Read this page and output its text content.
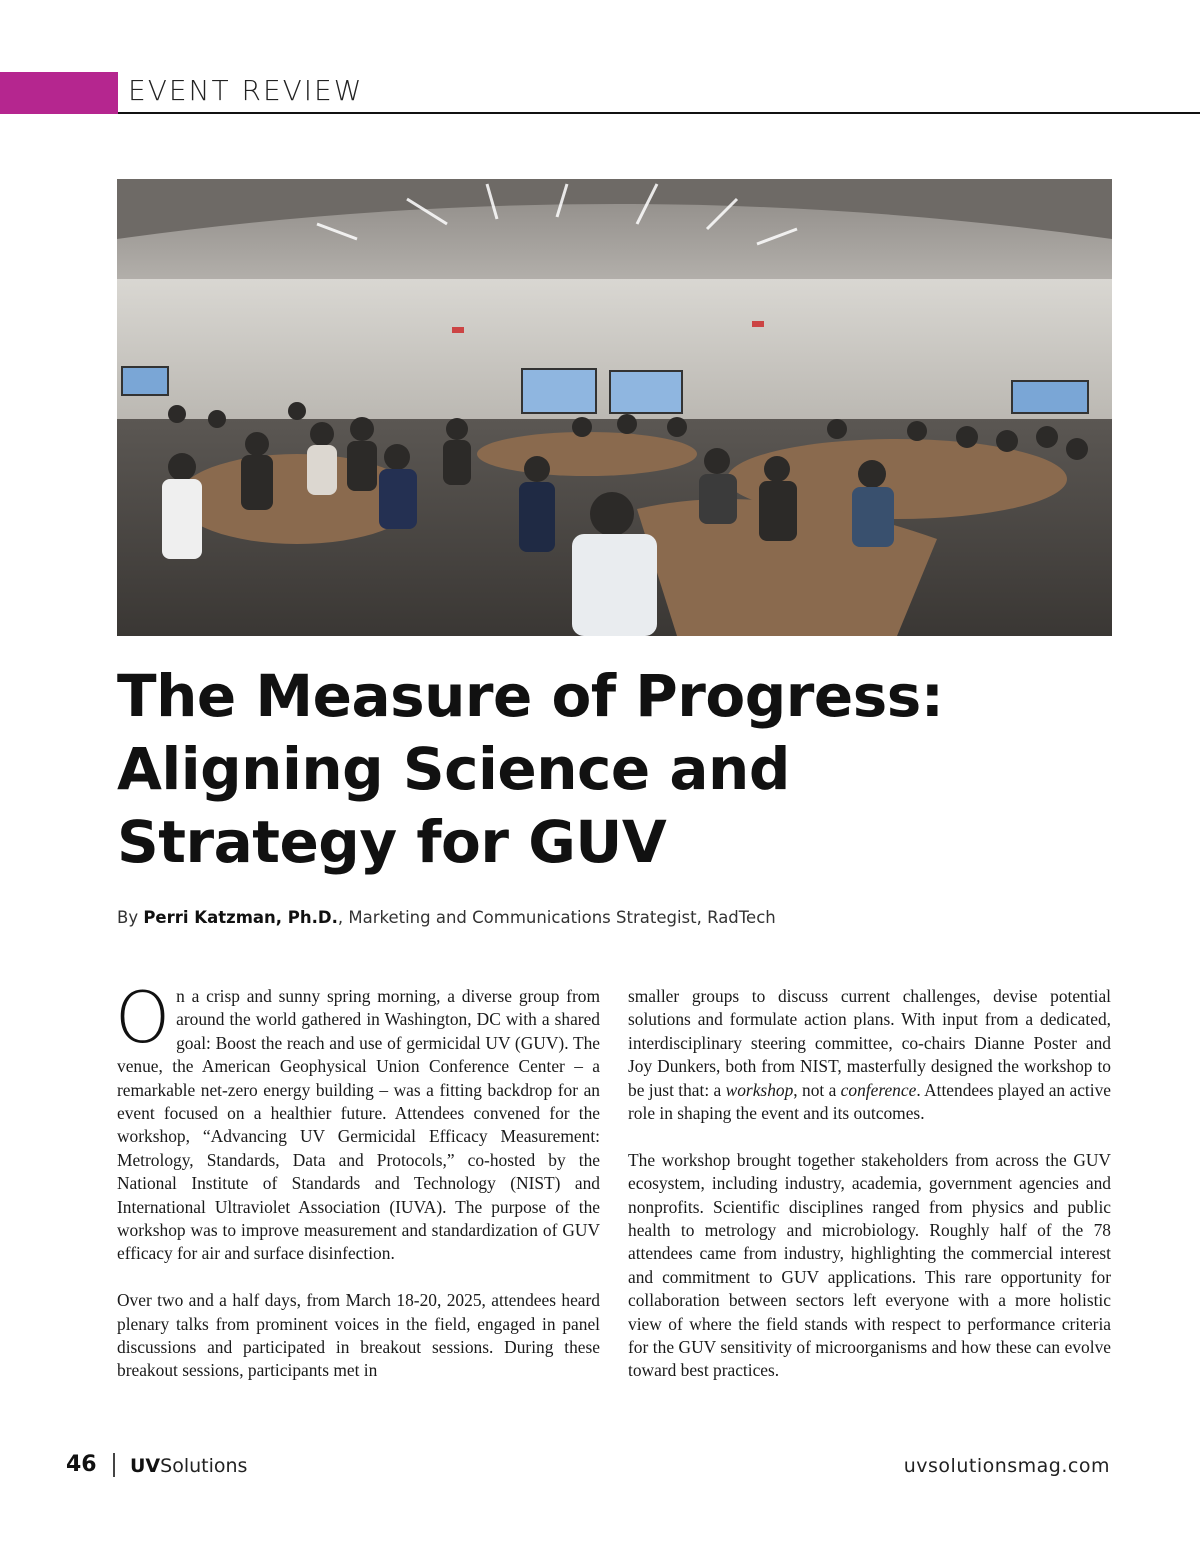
EVENT REVIEW
The Measure of Progress:
Aligning Science and
Strategy for GUV
By Perri Katzman, Ph.D., Marketing and Communications Strategist, RadTech

On a crisp and sunny spring morning, a diverse group from around the world gathered in Washington, DC with a shared goal: Boost the reach and use of germicidal UV (GUV). The venue, the American Geophysical Union Conference Center – a remarkable net-zero energy building – was a fitting backdrop for an event focused on a healthier future. Attendees convened for the workshop, “Advancing UV Germicidal Efficacy Measurement: Metrology, Standards, Data and Protocols,” co-hosted by the National Institute of Standards and Technology (NIST) and International Ultraviolet Association (IUVA). The purpose of the workshop was to improve measurement and standardization of GUV efficacy for air and surface disinfection.

Over two and a half days, from March 18-20, 2025, attendees heard plenary talks from prominent voices in the field, engaged in panel discussions and participated in breakout sessions. During these breakout sessions, participants met in

smaller groups to discuss current challenges, devise potential solutions and formulate action plans. With input from a dedicated, interdisciplinary steering committee, co-chairs Dianne Poster and Joy Dunkers, both from NIST, masterfully designed the workshop to be just that: a workshop, not a conference. Attendees played an active role in shaping the event and its outcomes.

The workshop brought together stakeholders from across the GUV ecosystem, including industry, academia, government agencies and nonprofits. Scientific disciplines ranged from physics and public health to metrology and microbiology. Roughly half of the 78 attendees came from industry, highlighting the commercial interest and commitment to GUV applications. This rare opportunity for collaboration between sectors left everyone with a more holistic view of where the field stands with respect to performance criteria for the GUV sensitivity of microorganisms and how these can evolve toward best practices.

46 UVSolutions	uvsolutionsmag.com
